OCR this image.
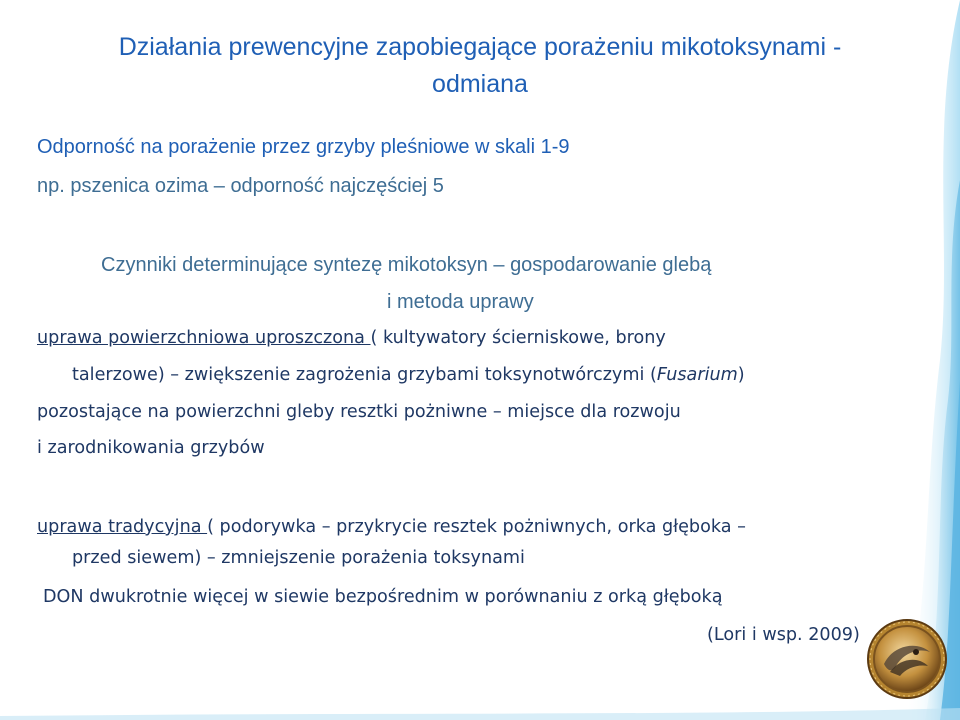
Działania prewencyjne zapobiegające porażeniu mikotoksynami -
odmiana
Odporność na porażenie przez grzyby pleśniowe w skali 1-9
np. pszenica ozima – odporność najczęściej 5
Czynniki determinujące syntezę mikotoksyn – gospodarowanie glebą
i metoda uprawy
uprawa powierzchniowa uproszczona ( kultywatory ścierniskowe, brony
talerzowe) – zwiększenie zagrożenia grzybami toksynotwórczymi (Fusarium)
pozostające na powierzchni gleby resztki pożniwne – miejsce dla rozwoju
i zarodnikowania grzybów
uprawa tradycyjna ( podorywka – przykrycie resztek pożniwnych, orka głęboka –
przed siewem) – zmniejszenie porażenia toksynami
DON dwukrotnie więcej w siewie bezpośrednim w porównaniu z orką głęboką
(Lori i wsp. 2009)
